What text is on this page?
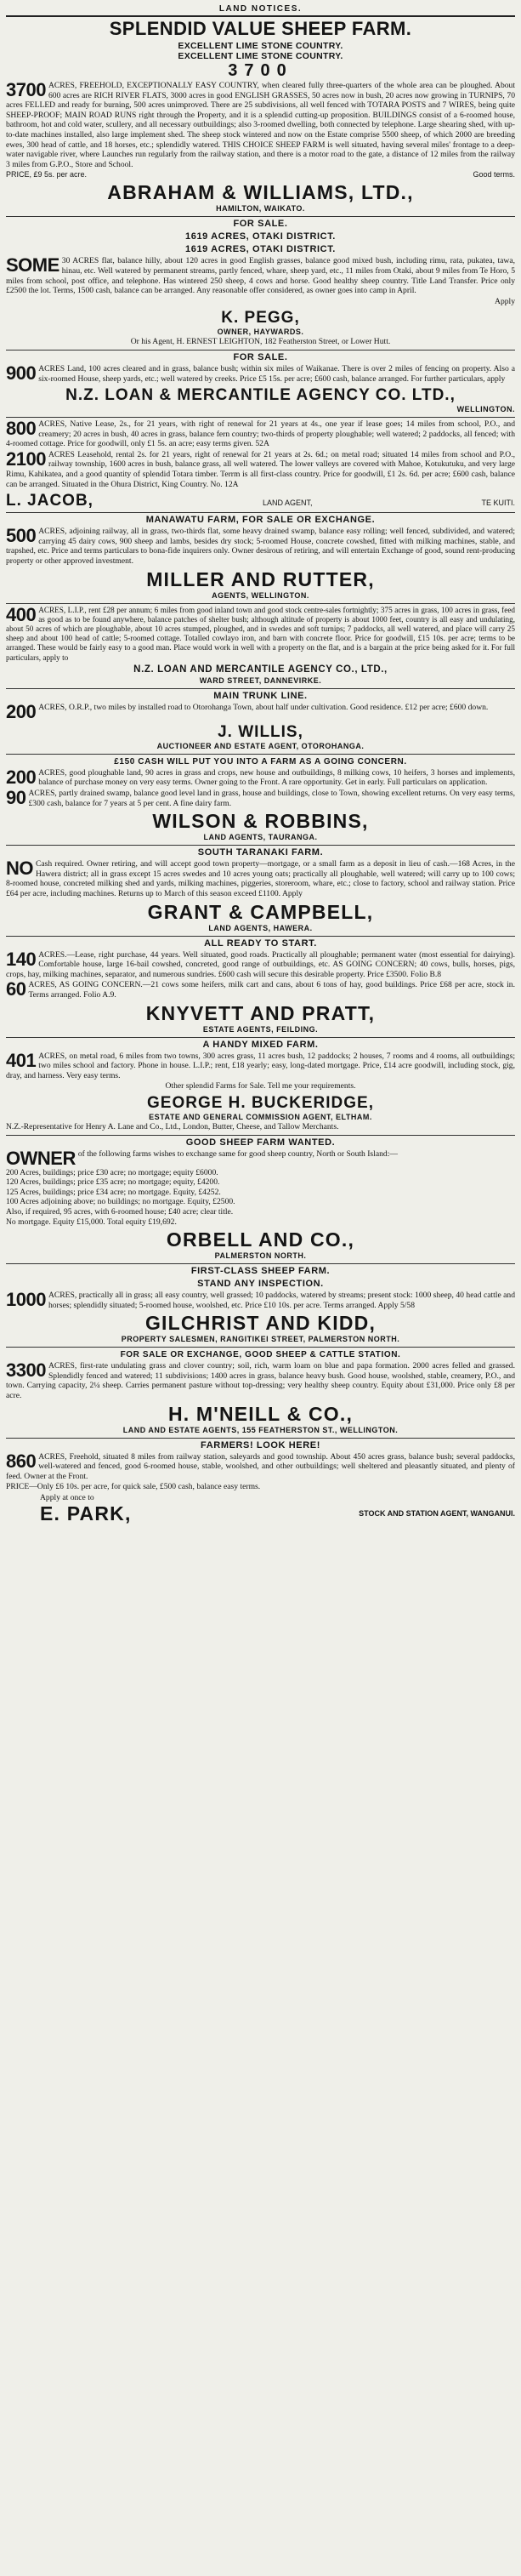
LAND NOTICES.
SPLENDID VALUE SHEEP FARM.
EXCELLENT LIME STONE COUNTRY.
EXCELLENT LIME STONE COUNTRY.
3700
3700 ACRES, FREEHOLD, EXCEPTIONALLY EASY COUNTRY, when cleared fully three-quarters of the whole area can be ploughed. About 600 acres are RICH RIVER FLATS, 3000 acres in good ENGLISH GRASSES, 50 acres now in bush, 20 acres now growing in TURNIPS, 70 acres FELLED and ready for burning, 500 acres unimproved. There are 25 subdivisions, all well fenced with TOTARA POSTS and 7 WIRES, being quite SHEEP-PROOF; MAIN ROAD RUNS right through the Property, and it is a splendid cutting-up proposition. BUILDINGS consist of a 6-roomed house, bathroom, hot and cold water, scullery, and all necessary outbuildings; also 3-roomed dwelling, both connected by telephone. Large shearing shed, with up-to-date machines installed, also large implement shed. The sheep stock wintered and now on the Estate comprise 5500 sheep, of which 2000 are breeding ewes, 300 head of cattle, and 18 horses, etc.; splendidly watered. THIS CHOICE SHEEP FARM is well situated, having several miles' frontage to a deep-water navigable river, where Launches run regularly from the railway station, and there is a motor road to the gate, a distance of 12 miles from the railway 3 miles from G.P.O., Store and School.
PRICE, £9 5s. per acre.	Good terms.
ABRAHAM & WILLIAMS, LTD.,
HAMILTON, WAIKATO.
FOR SALE.
1619 ACRES, OTAKI DISTRICT.
1619 ACRES, OTAKI DISTRICT.
SOME 30 ACRES flat, balance hilly, about 120 acres in good English grasses, balance good mixed bush, including rimu, rata, pukatea, tawa, hinau, etc. Well watered by permanent streams, partly fenced, whare, sheep yard, etc., 11 miles from Otaki, about 9 miles from Te Horo, 5 miles from school, post office, and telephone. Has wintered 250 sheep, 4 cows and horse. Good healthy sheep country. Title Land Transfer. Price only £2500 the lot. Terms, 1500 cash, balance can be arranged. Any reasonable offer considered, as owner goes into camp in April.
Apply
K. PEGG,
OWNER, HAYWARDS.
Or his Agent, H. ERNEST LEIGHTON, 182 Featherston Street, or Lower Hutt.
FOR SALE.
900 ACRES Land, 100 acres cleared and in grass, balance bush; within six miles of Waikanae. There is over 2 miles of fencing on property. Also a six-roomed House, sheep yards, etc.; well watered by creeks. Price £5 15s. per acre; £600 cash, balance arranged. For further particulars, apply
N.Z. LOAN & MERCANTILE AGENCY CO. LTD.,
WELLINGTON.
800 ACRES, Native Lease, 2s., for 21 years, with right of renewal for 21 years at 4s., one year if lease goes; 14 miles from school, P.O., and creamery; 20 acres in bush, 40 acres in grass, balance fern country; two-thirds of property ploughable; well watered; 2 paddocks, all fenced; with 4-roomed cottage. Price for goodwill, only £1 5s. an acre; easy terms given. 52A
2100 ACRES Leasehold, rental 2s. for 21 years, right of renewal for 21 years at 2s. 6d.; on metal road; situated 14 miles from school and P.O., railway township, 1600 acres in bush, balance grass, all well watered. The lower valleys are covered with Mahoe, Kotukutuku, and very large Rimu, Kahikatea, and a good quantity of splendid Totara timber. Terrm is all first-class country. Price for goodwill, £1 2s. 6d. per acre; £600 cash, balance can be arranged. Situated in the Ohura District, King Country. No. 12A
L. JACOB,	LAND AGENT,	TE KUITI.
MANAWATU FARM, FOR SALE OR EXCHANGE.
500 ACRES, adjoining railway, all in grass, two-thirds flat, some heavy drained swamp, balance easy rolling; well fenced, subdivided, and watered; carrying 45 dairy cows, 900 sheep and lambs, besides dry stock; 5-roomed House, concrete cowshed, fitted with milking machines, stable, and trapshed, etc. Price and terms particulars to bona-fide inquirers only. Owner desirous of retiring, and will entertain Exchange of good, sound rent-producing property or other approved investment.
MILLER AND RUTTER,
AGENTS, WELLINGTON.
400 ACRES, L.I.P., rent £28 per annum; 6 miles from good inland town and good stock centre-sales fortnightly; 375 acres in grass, 100 acres in grass, feed as good as to be found anywhere, balance patches of shelter bush; although altitude of property is about 1000 feet, country is all easy and undulating, about 50 acres of which are ploughable, about 10 acres stumped, ploughed, and in swedes and soft turnips; 7 paddocks, all well watered, and place will carry 25 sheep and about 100 head of cattle; 5-roomed cottage. Totalled cowlayo iron, and barn with concrete floor. Price for goodwill, £15 10s. per acre; terms to be arranged. These would be fairly easy to a good man. Place would work in well with a property on the flat, and is a bargain at the price being asked for it. For full particulars, apply to
N.Z. LOAN AND MERCANTILE AGENCY CO., LTD.,
WARD STREET, DANNEVIRKE.
MAIN TRUNK LINE.
200 ACRES, O.R.P., two miles by installed road to Otorohanga Town, about half under cultivation. Good residence. £12 per acre; £600 down.
J. WILLIS,
AUCTIONEER AND ESTATE AGENT, OTOROHANGA.
£150 CASH WILL PUT YOU INTO A FARM AS A GOING CONCERN.
200 ACRES, good ploughable land, 90 acres in grass and crops, new house and outbuildings, 8 milking cows, 10 heifers, 3 horses and implements, balance of purchase money on very easy terms. Owner going to the Front. A rare opportunity. Get in early. Full particulars on application.
90 ACRES, partly drained swamp, balance good level land in grass, house and buildings, close to Town, showing excellent returns. On very easy terms, £300 cash, balance for 7 years at 5 per cent. A fine dairy farm.
WILSON & ROBBINS,
LAND AGENTS, TAURANGA.
SOUTH TARANAKI FARM.
NO Cash required. Owner retiring, and will accept good town property—mortgage, or a small farm as a deposit in lieu of cash.—168 Acres, in the Hawera district; all in grass except 15 acres swedes and 10 acres young oats; practically all ploughable, well watered; will carry up to 100 cows; 8-roomed house, concreted milking shed and yards, milking machines, piggeries, storeroom, whare, etc.; close to factory, school and railway station. Price £64 per acre, including machines. Returns up to March of this season exceed £1100. Apply
GRANT & CAMPBELL,
LAND AGENTS, HAWERA.
ALL READY TO START.
140 ACRES.—Lease, right purchase, 44 years. Well situated, good roads. Practically all ploughable; permanent water (most essential for dairying). Comfortable house, large 16-bail cowshed, concreted, good range of outbuildings, etc. AS GOING CONCERN; 40 cows, bulls, horses, pigs, crops, hay, milking machines, separator, and numerous sundries. £600 cash will secure this desirable property. Price £3500. Folio B.8
60 ACRES, AS GOING CONCERN.—21 cows some heifers, milk cart and cans, about 6 tons of hay, good buildings. Price £68 per acre, stock in. Terms arranged. Folio A.9.
KNYVETT AND PRATT,
ESTATE AGENTS, FEILDING.
A HANDY MIXED FARM.
401 ACRES, on metal road, 6 miles from two towns, 300 acres grass, 11 acres bush, 12 paddocks; 2 houses, 7 rooms and 4 rooms, all outbuildings; two miles school and factory. Phone in house. L.I.P.; rent, £18 yearly; easy, long-dated mortgage. Price, £14 acre goodwill, including stock, gig, dray, and harness. Very easy terms.
Other splendid Farms for Sale. Tell me your requirements.
GEORGE H. BUCKERIDGE,
ESTATE AND GENERAL COMMISSION AGENT, ELTHAM.
N.Z.-Representative for Henry A. Lane and Co., Ltd., London, Butter, Cheese, and Tallow Merchants.
GOOD SHEEP FARM WANTED.
OWNER of the following farms wishes to exchange same for good sheep country, North or South Island:—
200 Acres, buildings; price £30 acre; no mortgage; equity £6000.
120 Acres, buildings; price £35 acre; no mortgage; equity, £4200.
125 Acres, buildings; price £34 acre; no mortgage. Equity, £4252.
100 Acres adjoining above; no buildings; no mortgage. Equity, £2500.
Also, if required, 95 acres, with 6-roomed house; £40 acre; clear title.
No mortgage. Equity £15,000. Total equity £19,692.
ORBELL AND CO.,
PALMERSTON NORTH.
FIRST-CLASS SHEEP FARM.
STAND ANY INSPECTION.
1000 ACRES, practically all in grass; all easy country, well grassed; 10 paddocks, watered by streams; present stock: 1000 sheep, 40 head cattle and horses; splendidly situated; 5-roomed house, woolshed, etc. Price £10 10s. per acre. Terms arranged. Apply 5/58
GILCHRIST AND KIDD,
PROPERTY SALESMEN, RANGITIKEI STREET, PALMERSTON NORTH.
FOR SALE OR EXCHANGE, GOOD SHEEP & CATTLE STATION.
3300 ACRES, first-rate undulating grass and clover country; soil, rich, warm loam on blue and papa formation. 2000 acres felled and grassed. Splendidly fenced and watered; 11 subdivisions; 1400 acres in grass, balance heavy bush. Good house, woolshed, stable, creamery, P.O., and town. Carrying capacity, 2¼ sheep. Carries permanent pasture without top-dressing; very healthy sheep country. Equity about £31,000. Price only £8 per acre.
H. M'NEILL & CO.,
LAND AND ESTATE AGENTS, 155 FEATHERSTON ST., WELLINGTON.
FARMERS! LOOK HERE!
860 ACRES, Freehold, situated 8 miles from railway station, saleyards and good township. About 450 acres grass, balance bush; several paddocks, well-watered and fenced, good 6-roomed house, stable, woolshed, and other outbuildings; well sheltered and pleasantly situated, and plenty of feed. Owner at the Front.
PRICE—Only £6 10s. per acre, for quick sale, £500 cash, balance easy terms.
Apply at once to
E. PARK,	STOCK AND STATION AGENT, WANGANUI.
